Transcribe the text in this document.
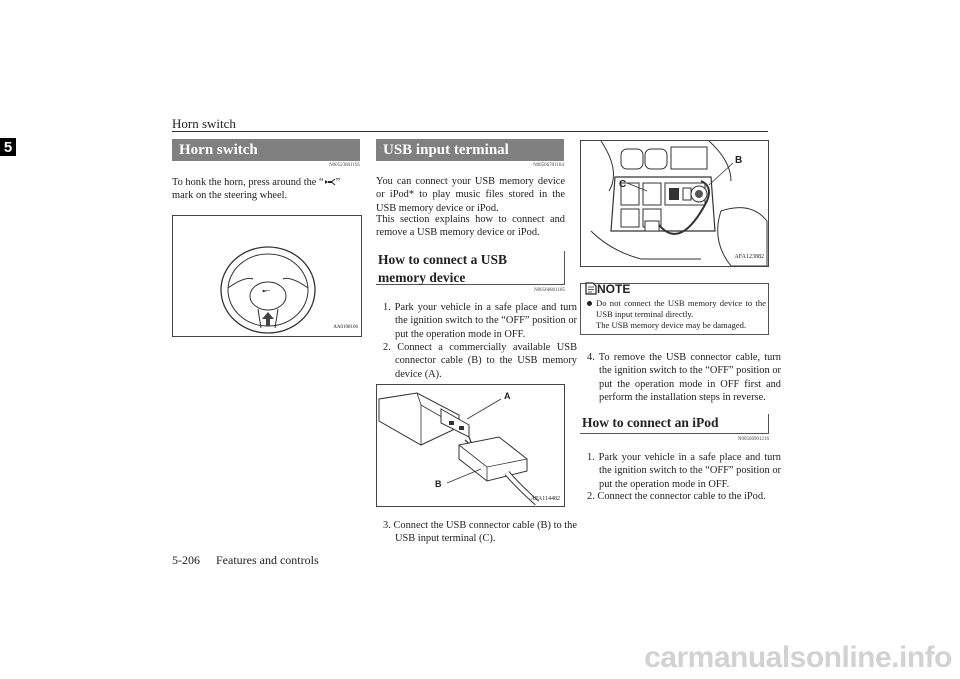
Horn switch
5	Horn switch
N00523801195
To honk the horn, press around the “ ” mark on the steering wheel.
AA0108106
USB input terminal
N00566701184
You can connect your USB memory device or iPod* to play music files stored in the USB memory device or iPod.
This section explains how to connect and remove a USB memory device or iPod.
How to connect a USB memory device
N00566801185
1. Park your vehicle in a safe place and turn the ignition switch to the “OFF” position or put the operation mode in OFF.
2. Connect a commercially available USB connector cable (B) to the USB memory device (A).
A
B
AFA114482
3. Connect the USB connector cable (B) to the USB input terminal (C).
B
C
AFA123882
NOTE
Do not connect the USB memory device to the USB input terminal directly.
The USB memory device may be damaged.
4. To remove the USB connector cable, turn the ignition switch to the “OFF” position or put the operation mode in OFF first and perform the installation steps in reverse.
How to connect an iPod
N00566901216
1. Park your vehicle in a safe place and turn the ignition switch to the “OFF” position or put the operation mode in OFF.
2. Connect the connector cable to the iPod.
5-206 Features and controls
carmanualsonline.info
